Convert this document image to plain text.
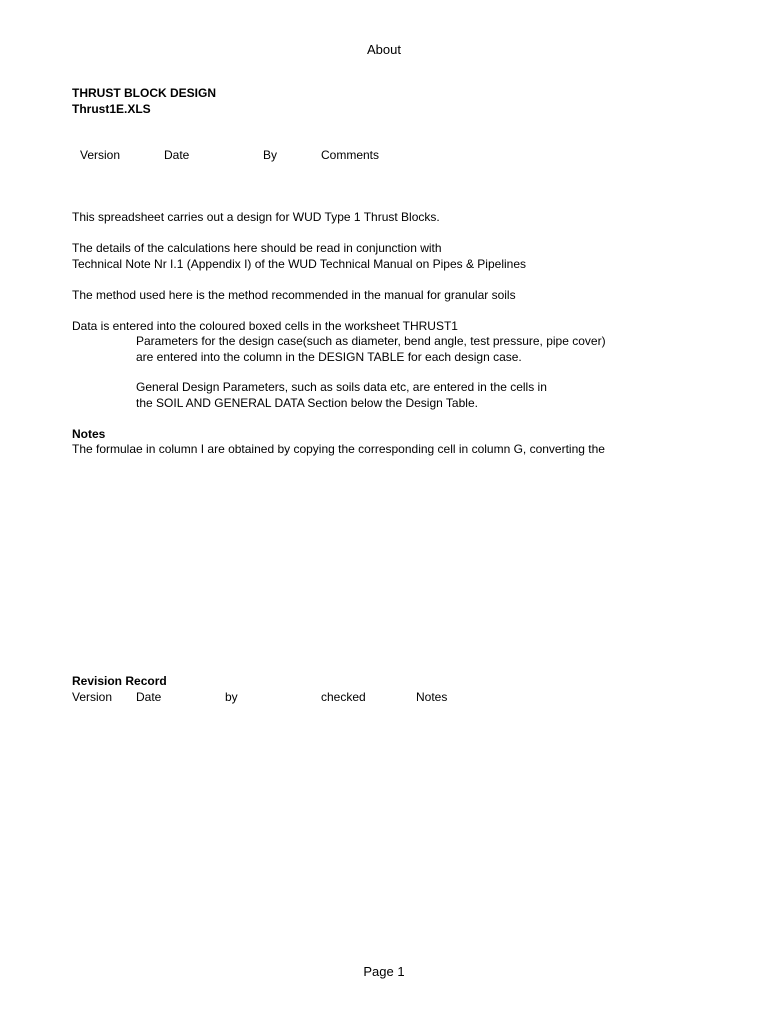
About
THRUST BLOCK DESIGN
Thrust1E.XLS
Version	Date	By	Comments
This spreadsheet carries out a design for WUD Type 1 Thrust Blocks.
The details of the calculations here should be read in conjunction with
Technical Note Nr I.1 (Appendix I) of the WUD Technical Manual on Pipes & Pipelines
The method used here is the method recommended in the manual for granular soils
Data is entered into the coloured boxed cells in the worksheet THRUST1
Parameters for the design case(such as diameter, bend angle, test pressure, pipe cover)
are entered into the column in the DESIGN TABLE for each design case.
General Design Parameters, such as soils data etc, are entered in the cells in
the SOIL AND GENERAL DATA Section below the Design Table.
Notes
The formulae in column I are obtained by copying the corresponding cell in column G, converting the
Revision Record
Version Date	by	checked	Notes
Page 1
